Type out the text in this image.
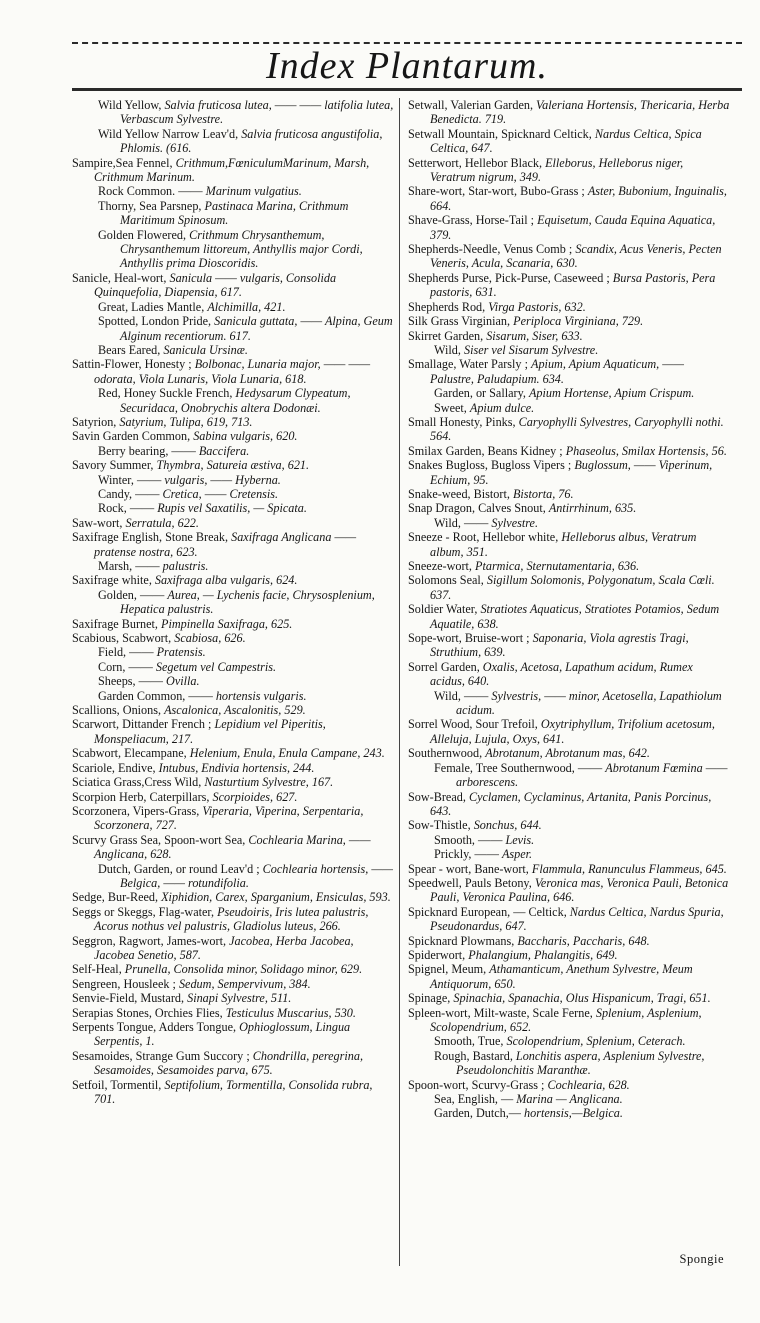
Index Plantarum.

Wild Yellow, Salvia fruticosa lutea, —— —— latifolia lutea, Verbascum Sylvestre.

Wild Yellow Narrow Leav'd, Salvia fruticosa angustifolia, Phlomis. (616.

Sampire,Sea Fennel, Crithmum,FœniculumMarinum, Marsh, Crithmum Marinum.

Rock Common. —— Marinum vulgatius.

Thorny, Sea Parsnep, Pastinaca Marina, Crithmum Maritimum Spinosum.

Golden Flowered, Crithmum Chrysanthemum, Chrysanthemum littoreum, Anthyllis major Cordi, Anthyllis prima Dioscoridis.

Sanicle, Heal-wort, Sanicula —— vulgaris, Consolida Quinquefolia, Diapensia, 617.

Great, Ladies Mantle, Alchimilla, 421.

Spotted, London Pride, Sanicula guttata, —— Alpina, Geum Alginum recentiorum. 617.

Bears Eared, Sanicula Ursinæ.

Sattin-Flower, Honesty ; Bolbonac, Lunaria major, —— —— odorata, Viola Lunaris, Viola Lunaria, 618.

Red, Honey Suckle French, Hedysarum Clypeatum, Securidaca, Onobrychis altera Dodonæi.

Satyrion, Satyrium, Tulipa, 619, 713.

Savin Garden Common, Sabina vulgaris, 620.

Berry bearing, —— Baccifera.

Savory Summer, Thymbra, Satureia æstiva, 621.

Winter, —— vulgaris, —— Hyberna.

Candy, —— Cretica, —— Cretensis.

Rock, —— Rupis vel Saxatilis, — Spicata.

Saw-wort, Serratula, 622.

Saxifrage English, Stone Break, Saxifraga Anglicana —— pratense nostra, 623.

Marsh, —— palustris.

Saxifrage white, Saxifraga alba vulgaris, 624.

Golden, —— Aurea, — Lychenis facie, Chrysosplenium, Hepatica palustris.

Saxifrage Burnet, Pimpinella Saxifraga, 625.

Scabious, Scabwort, Scabiosa, 626.

Field, —— Pratensis.

Corn, —— Segetum vel Campestris.

Sheeps, —— Ovilla.

Garden Common, —— hortensis vulgaris.

Scallions, Onions, Ascalonica, Ascalonitis, 529.

Scarwort, Dittander French ; Lepidium vel Piperitis, Monspeliacum, 217.

Scabwort, Elecampane, Helenium, Enula, Enula Campane, 243.

Scariole, Endive, Intubus, Endivia hortensis, 244.

Sciatica Grass,Cress Wild, Nasturtium Sylvestre, 167.

Scorpion Herb, Caterpillars, Scorpioides, 627.

Scorzonera, Vipers-Grass, Viperaria, Viperina, Serpentaria, Scorzonera, 727.

Scurvy Grass Sea, Spoon-wort Sea, Cochlearia Marina, —— Anglicana, 628.

Dutch, Garden, or round Leav'd ; Cochlearia hortensis, —— Belgica, —— rotundifolia.

Sedge, Bur-Reed, Xiphidion, Carex, Sparganium, Ensiculas, 593.

Seggs or Skeggs, Flag-water, Pseudoiris, Iris lutea palustris, Acorus nothus vel palustris, Gladiolus luteus, 266.

Seggron, Ragwort, James-wort, Jacobea, Herba Jacobea, Jacobea Senetio, 587.

Self-Heal, Prunella, Consolida minor, Solidago minor, 629.

Sengreen, Housleek ; Sedum, Sempervivum, 384.

Senvie-Field, Mustard, Sinapi Sylvestre, 511.

Serapias Stones, Orchies Flies, Testiculus Muscarius, 530.

Serpents Tongue, Adders Tongue, Ophioglossum, Lingua Serpentis, 1.

Sesamoides, Strange Gum Succory ; Chondrilla, peregrina, Sesamoides, Sesamoides parva, 675.

Setfoil, Tormentil, Septifolium, Tormentilla, Consolida rubra, 701.

Setwall, Valerian Garden, Valeriana Hortensis, Thericaria, Herba Benedicta. 719.

Setwall Mountain, Spicknard Celtick, Nardus Celtica, Spica Celtica, 647.

Setterwort, Hellebor Black, Elleborus, Helleborus niger, Veratrum nigrum, 349.

Share-wort, Star-wort, Bubo-Grass ; Aster, Bubonium, Inguinalis, 664.

Shave-Grass, Horse-Tail ; Equisetum, Cauda Equina Aquatica, 379.

Shepherds-Needle, Venus Comb ; Scandix, Acus Veneris, Pecten Veneris, Acula, Scanaria, 630.

Shepherds Purse, Pick-Purse, Caseweed ; Bursa Pastoris, Pera pastoris, 631.

Shepherds Rod, Virga Pastoris, 632.

Silk Grass Virginian, Periploca Virginiana, 729.

Skirret Garden, Sisarum, Siser, 633.

Wild, Siser vel Sisarum Sylvestre.

Smallage, Water Parsly ; Apium, Apium Aquaticum, —— Palustre, Paludapium. 634.

Garden, or Sallary, Apium Hortense, Apium Crispum.

Sweet, Apium dulce.

Small Honesty, Pinks, Caryophylli Sylvestres, Caryophylli nothi. 564.

Smilax Garden, Beans Kidney ; Phaseolus, Smilax Hortensis, 56.

Snakes Bugloss, Bugloss Vipers ; Buglossum, —— Viperinum, Echium, 95.

Snake-weed, Bistort, Bistorta, 76.

Snap Dragon, Calves Snout, Antirrhinum, 635.

Wild, —— Sylvestre.

Sneeze - Root, Hellebor white, Helleborus albus, Veratrum album, 351.

Sneeze-wort, Ptarmica, Sternutamentaria, 636.

Solomons Seal, Sigillum Solomonis, Polygonatum, Scala Cœli. 637.

Soldier Water, Stratiotes Aquaticus, Stratiotes Potamios, Sedum Aquatile, 638.

Sope-wort, Bruise-wort ; Saponaria, Viola agrestis Tragi, Struthium, 639.

Sorrel Garden, Oxalis, Acetosa, Lapathum acidum, Rumex acidus, 640.

Wild, —— Sylvestris, —— minor, Acetosella, Lapathiolum acidum.

Sorrel Wood, Sour Trefoil, Oxytriphyllum, Trifolium acetosum, Alleluja, Lujula, Oxys, 641.

Southernwood, Abrotanum, Abrotanum mas, 642.

Female, Tree Southernwood, —— Abrotanum Fœmina —— arborescens.

Sow-Bread, Cyclamen, Cyclaminus, Artanita, Panis Porcinus, 643.

Sow-Thistle, Sonchus, 644.

Smooth, —— Levis.

Prickly, —— Asper.

Spear - wort, Bane-wort, Flammula, Ranunculus Flammeus, 645.

Speedwell, Pauls Betony, Veronica mas, Veronica Pauli, Betonica Pauli, Veronica Paulina, 646.

Spicknard European, — Celtick, Nardus Celtica, Nardus Spuria, Pseudonardus, 647.

Spicknard Plowmans, Baccharis, Paccharis, 648.

Spiderwort, Phalangium, Phalangitis, 649.

Spignel, Meum, Athamanticum, Anethum Sylvestre, Meum Antiquorum, 650.

Spinage, Spinachia, Spanachia, Olus Hispanicum, Tragi, 651.

Spleen-wort, Milt-waste, Scale Ferne, Splenium, Asplenium, Scolopendrium, 652.

Smooth, True, Scolopendrium, Splenium, Ceterach.

Rough, Bastard, Lonchitis aspera, Asplenium Sylvestre, Pseudolonchitis Maranthæ.

Spoon-wort, Scurvy-Grass ; Cochlearia, 628.

Sea, English, — Marina — Anglicana.

Garden, Dutch,— hortensis,—Belgica.

Spongie
